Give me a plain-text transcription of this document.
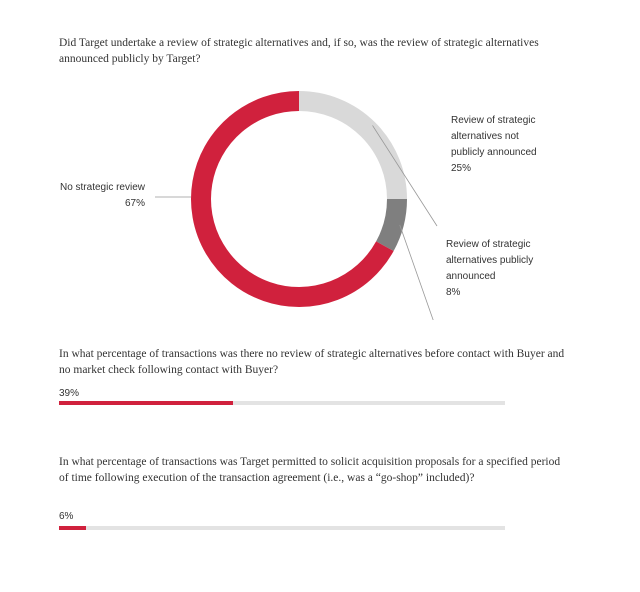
Did Target undertake a review of strategic alternatives and, if so, was the review of strategic alternatives announced publicly by Target?

No strategic review
67%
Review of strategic
alternatives not
publicly announced
25%
Review of strategic
alternatives publicly
announced
8%

In what percentage of transactions was there no review of strategic alternatives before contact with Buyer and no market check following contact with Buyer?

39%

In what percentage of transactions was Target permitted to solicit acquisition proposals for a specified period of time following execution of the transaction agreement (i.e., was a “go-shop” included)?

6%
